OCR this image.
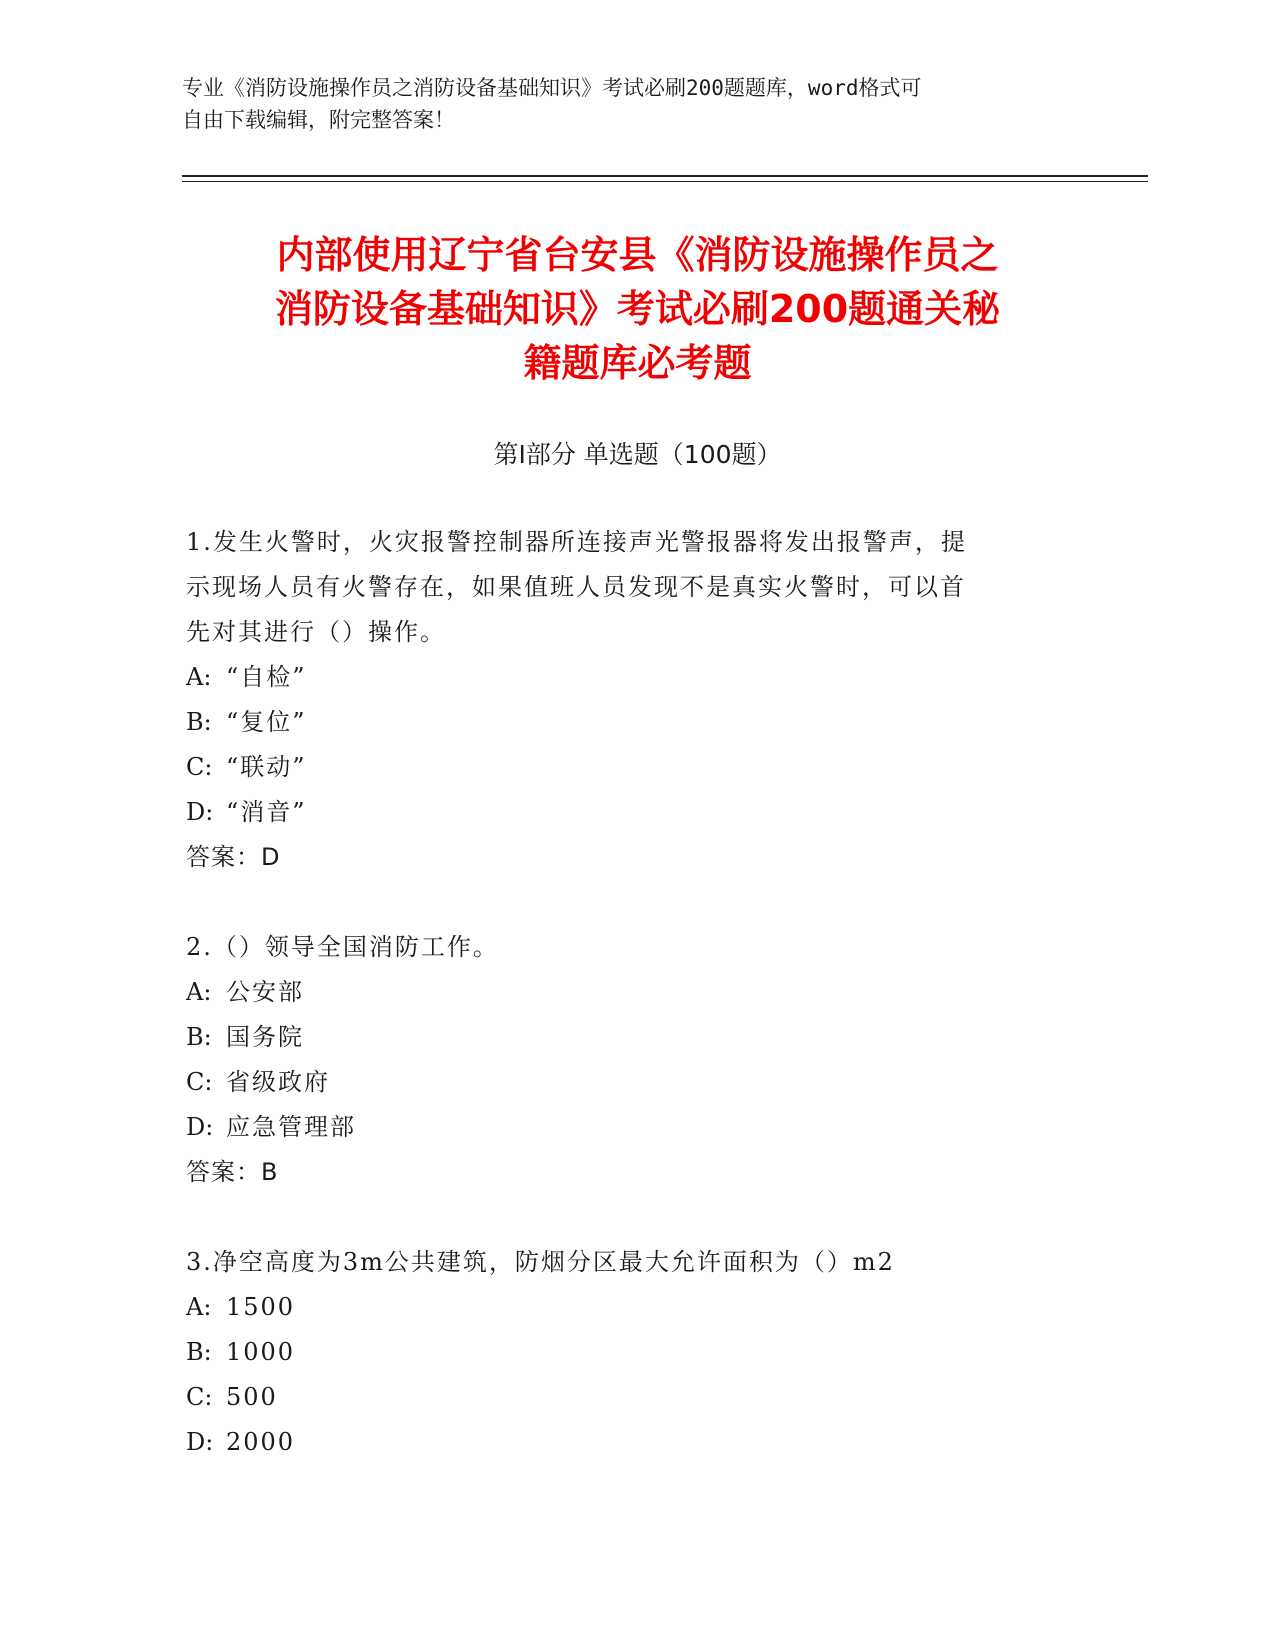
专业《消防设施操作员之消防设备基础知识》考试必刷200题题库，word格式可
自由下载编辑，附完整答案！
内部使用辽宁省台安县《消防设施操作员之
消防设备基础知识》考试必刷200题通关秘
籍题库必考题
第Ⅰ部分 单选题（100题）
1.发生火警时，火灾报警控制器所连接声光警报器将发出报警声，提
示现场人员有火警存在，如果值班人员发现不是真实火警时，可以首
先对其进行（）操作。
A: “自检”
B: “复位”
C: “联动”
D: “消音”
答案：D
2.（）领导全国消防工作。
A: 公安部
B: 国务院
C: 省级政府
D: 应急管理部
答案：B
3.净空高度为3m公共建筑，防烟分区最大允许面积为（）m2
A: 1500
B: 1000
C: 500
D: 2000
